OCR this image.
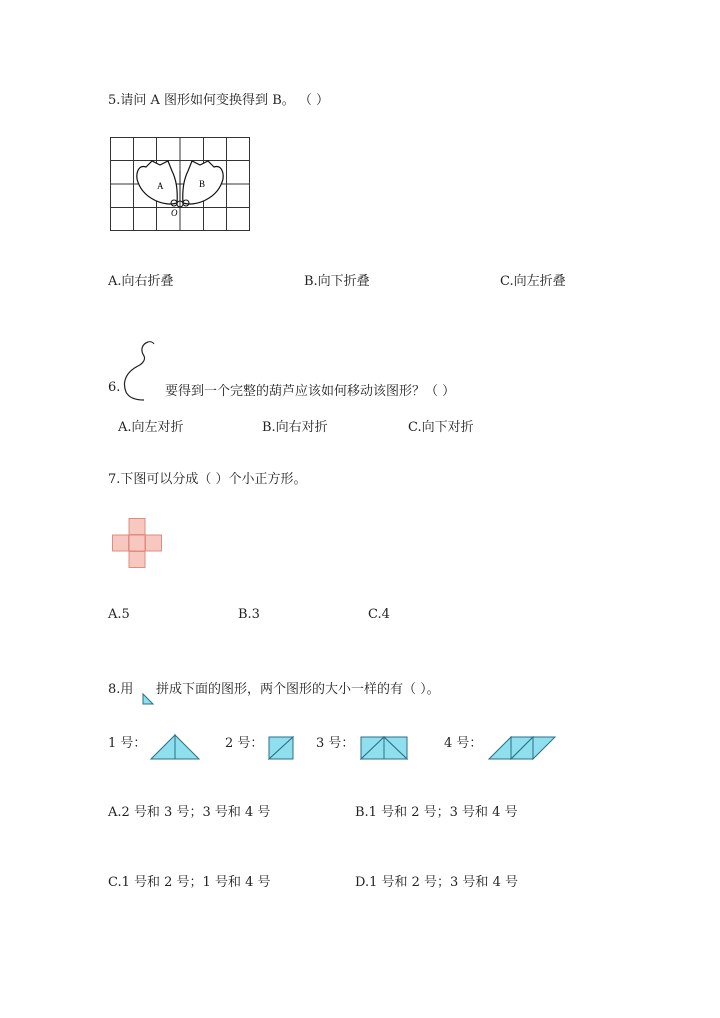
5.请问 A 图形如何变换得到 B。 （ ）
A	B
O
A.向右折叠	B.向下折叠	C.向左折叠
6.	要得到一个完整的葫芦应该如何移动该图形？（ ）
A.向左对折	B.向右对折	C.向下对折
7.下图可以分成（ ）个小正方形。
A.5	B.3	C.4
8.用 拼成下面的图形，两个图形的大小一样的有（ ）。
1 号：	2 号：	3 号：	4 号：
A.2 号和 3 号；3 号和 4 号	B.1 号和 2 号；3 号和 4 号
C.1 号和 2 号；1 号和 4 号	D.1 号和 2 号；3 号和 4 号
